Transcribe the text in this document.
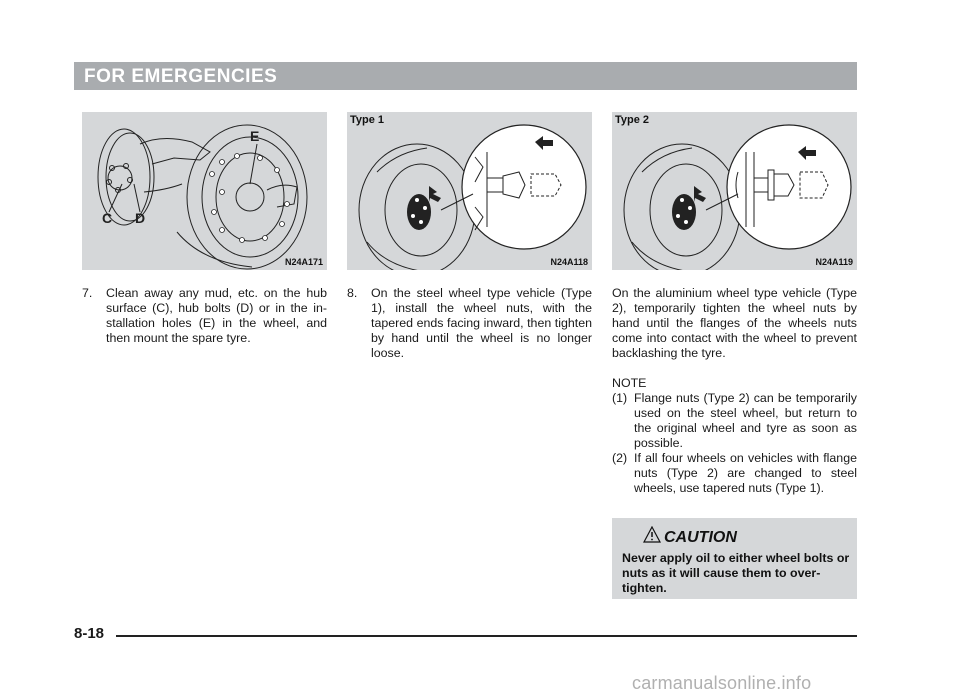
FOR EMERGENCIES
C D
E
N24A171
Type 1
N24A118
Type 2
N24A119
7. Clean away any mud, etc. on the hub surface (C), hub bolts (D) or in the installation holes (E) in the wheel, and then mount the spare tyre.
8. On the steel wheel type vehicle (Type 1), install the wheel nuts, with the tapered ends facing inward, then tighten by hand until the wheel is no longer loose.
On the aluminium wheel type vehicle (Type 2), temporarily tighten the wheel nuts by hand until the flanges of the wheels nuts come into contact with the wheel to prevent backlashing the tyre.
NOTE
(1) Flange nuts (Type 2) can be temporarily used on the steel wheel, but return to the original wheel and tyre as soon as possible.
(2) If all four wheels on vehicles with flange nuts (Type 2) are changed to steel wheels, use tapered nuts (Type 1).
CAUTION
Never apply oil to either wheel bolts or nuts as it will cause them to overtighten.
8-18
carmanualsonline.info
